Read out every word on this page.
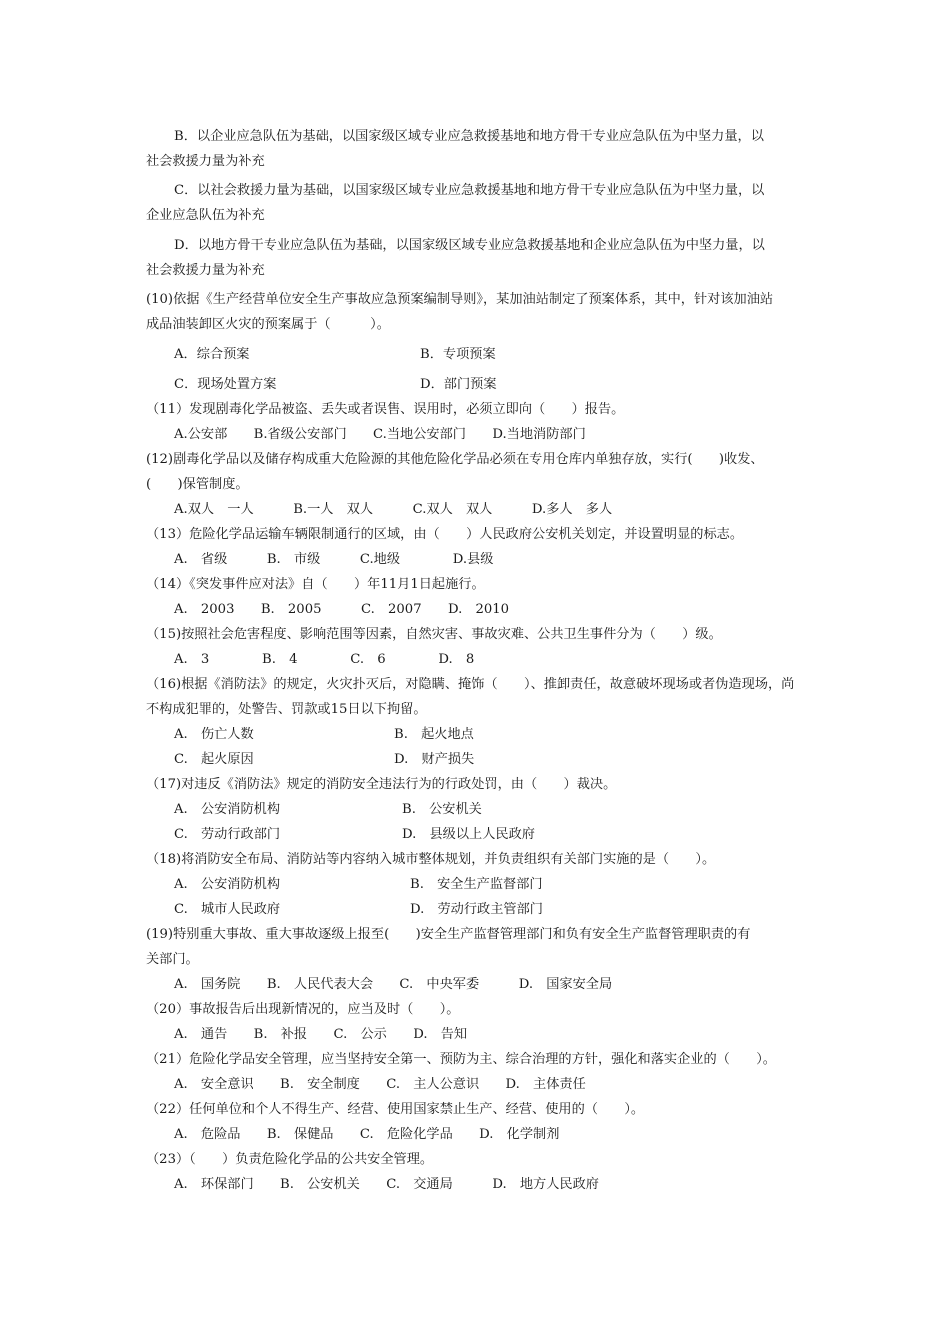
B．以企业应急队伍为基础，以国家级区域专业应急救援基地和地方骨干专业应急队伍为中坚力量，以
社会救援力量为补充
C．以社会救援力量为基础，以国家级区域专业应急救援基地和地方骨干专业应急队伍为中坚力量，以
企业应急队伍为补充
D．以地方骨干专业应急队伍为基础，以国家级区域专业应急救援基地和企业应急队伍为中坚力量，以
社会救援力量为补充
(10)依据《生产经营单位安全生产事故应急预案编制导则》，某加油站制定了预案体系，其中，针对该加油站
成品油装卸区火灾的预案属于（　　　）。
A．综合预案	B．专项预案
C．现场处置方案	D．部门预案
（11）发现剧毒化学品被盗、丢失或者误售、误用时，必须立即向（　　）报告。
A.公安部　　B.省级公安部门　　C.当地公安部门　　D.当地消防部门
(12)剧毒化学品以及储存构成重大危险源的其他危险化学品必须在专用仓库内单独存放，实行(　　)收发、
(　　)保管制度。
A.双人　一人　　　B.一人　双人　　　C.双人　双人　　　D.多人　多人
（13）危险化学品运输车辆限制通行的区域，由（　　）人民政府公安机关划定，并设置明显的标志。
A.　省级　　　B.　市级　　　C.地级　　　　D.县级
（14）《突发事件应对法》自（　　）年11月1日起施行。
A.　2003　　B.　2005　　　C.　2007　　D.　2010
（15)按照社会危害程度、影响范围等因素，自然灾害、事故灾难、公共卫生事件分为（　　）级。
A.　3　　　　B.　4　　　　C.　6　　　　D.　8
（16)根据《消防法》的规定，火灾扑灭后，对隐瞒、掩饰（　　）、推卸责任，故意破坏现场或者伪造现场，尚
不构成犯罪的，处警告、罚款或15日以下拘留。
A.　伤亡人数	B.　起火地点
C.　起火原因	D.　财产损失
（17)对违反《消防法》规定的消防安全违法行为的行政处罚，由（　　）裁决。
A.　公安消防机构	B.　公安机关
C.　劳动行政部门	D.　县级以上人民政府
（18)将消防安全布局、消防站等内容纳入城市整体规划，并负责组织有关部门实施的是（　　）。
A.　公安消防机构	B.　安全生产监督部门
C.　城市人民政府	D.　劳动行政主管部门
(19)特别重大事故、重大事故逐级上报至(　　)安全生产监督管理部门和负有安全生产监督管理职责的有
关部门。
A.　国务院　　B.　人民代表大会　　C.　中央军委　　　D.　国家安全局
（20）事故报告后出现新情况的，应当及时（　　）。
A.　通告　　B.　补报　　C.　公示　　D.　告知
（21）危险化学品安全管理，应当坚持安全第一、预防为主、综合治理的方针，强化和落实企业的（　　）。
A.　安全意识　　B.　安全制度　　C.　主人公意识　　D.　主体责任
（22）任何单位和个人不得生产、经营、使用国家禁止生产、经营、使用的（　　）。
A.　危险品　　B.　保健品　　C.　危险化学品　　D.　化学制剂
（23）（　　）负责危险化学品的公共安全管理。
A.　环保部门　　B.　公安机关　　C.　交通局　　　D.　地方人民政府
